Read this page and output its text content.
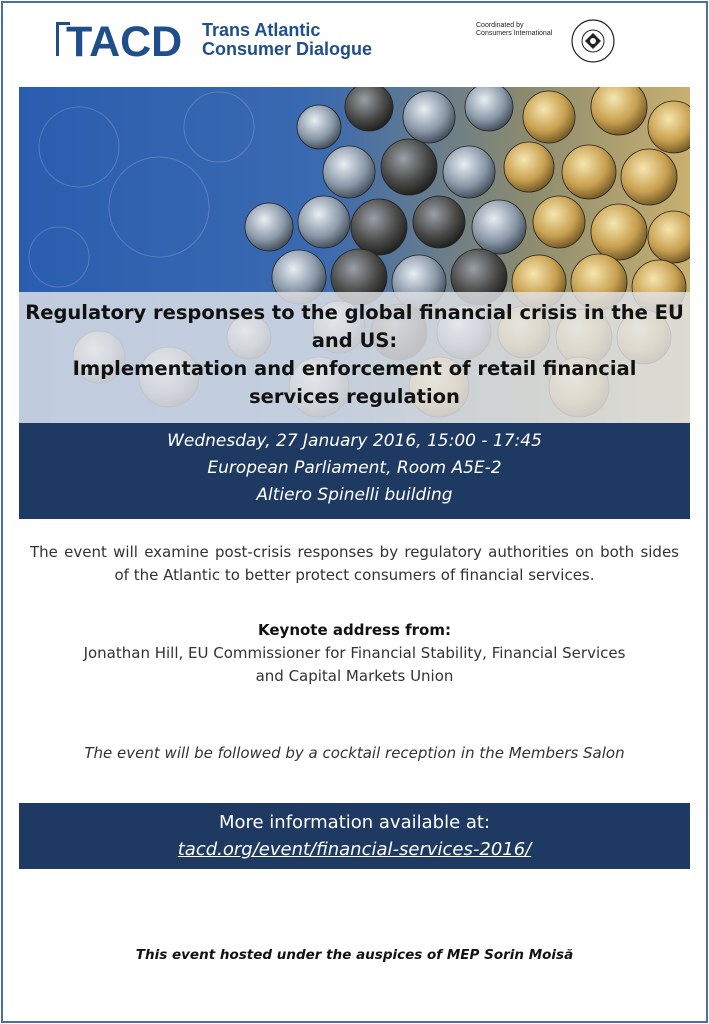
TACD Trans Atlantic
Consumer Dialogue
Coordinated by
Consumers International
Regulatory responses to the global financial crisis in the EU
and US:
Implementation and enforcement of retail financial
services regulation
Wednesday, 27 January 2016, 15:00 - 17:45
European Parliament, Room A5E-2
Altiero Spinelli building
The event will examine post-crisis responses by regulatory authorities on both sides of the Atlantic to better protect consumers of financial services.
Keynote address from:
Jonathan Hill, EU Commissioner for Financial Stability, Financial Services
and Capital Markets Union
The event will be followed by a cocktail reception in the Members Salon
More information available at:
tacd.org/event/financial-services-2016/
This event hosted under the auspices of MEP Sorin Moisă
